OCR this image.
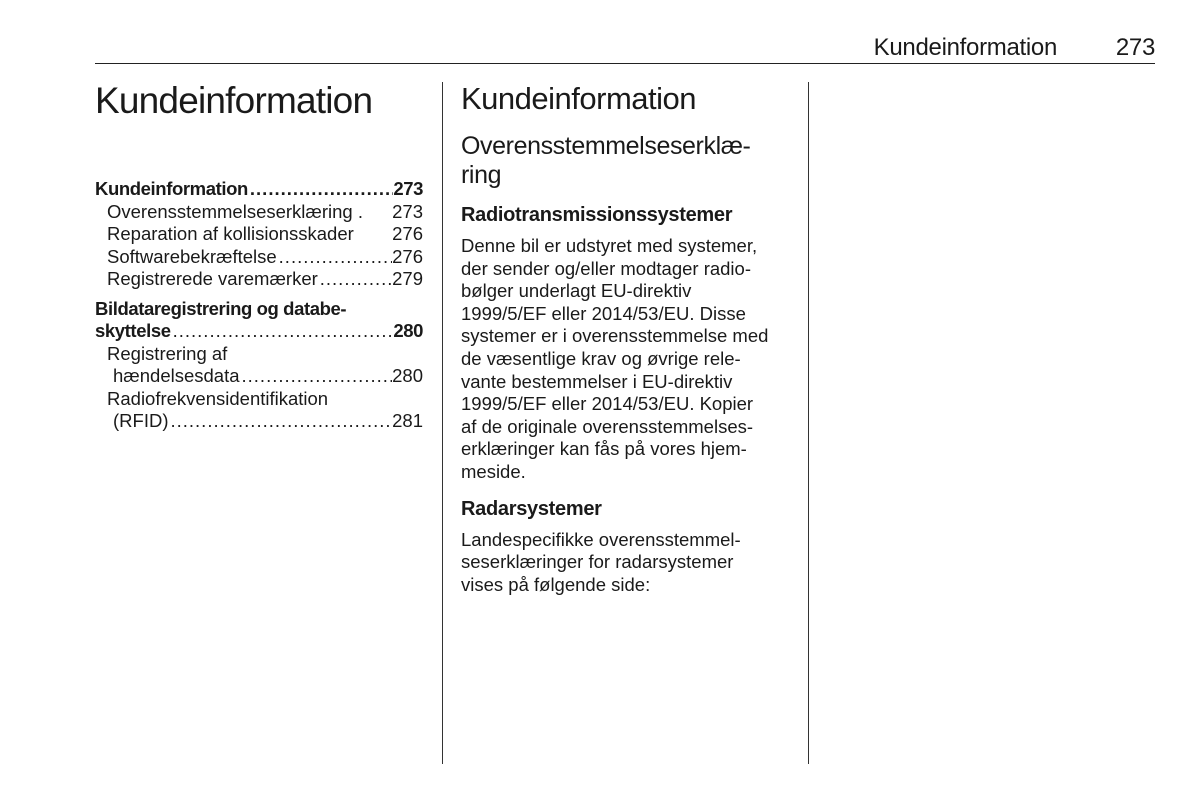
Kundeinformation 273
Kundeinformation
Kundeinformation .....	273
Overensstemmelseserklæring . 273
Reparation af kollisionsskader 276
Softwarebekræftelse .....	276
Registrerede varemærker .....	279
Bildataregistrering og databe-
skyttelse .....	280
Registrering af
hændelsesdata .....	280
Radiofrekvensidentifikation
(RFID) .....	281
Kundeinformation
Overensstemmelseserklæ-
ring
Radiotransmissionssystemer

Denne bil er udstyret med systemer,
der sender og/eller modtager radio-
bølger underlagt EU-direktiv
1999/5/EF eller 2014/53/EU. Disse
systemer er i overensstemmelse med
de væsentlige krav og øvrige rele-
vante bestemmelser i EU-direktiv
1999/5/EF eller 2014/53/EU. Kopier
af de originale overensstemmelses-
erklæringer kan fås på vores hjem-
meside.

Radarsystemer

Landespecifikke overensstemmel-
seserklæringer for radarsystemer
vises på følgende side:
